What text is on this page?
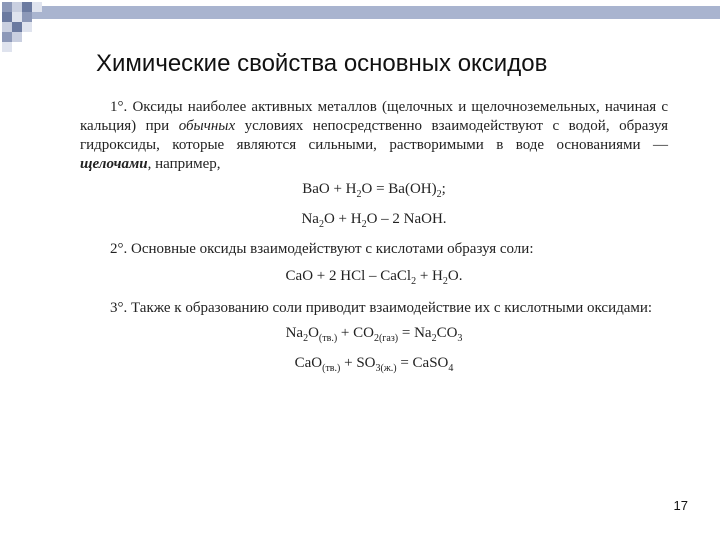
Химические свойства основных оксидов

1°. Оксиды наиболее активных металлов (щелочных и щелочноземельных, начиная с кальция) при обычных условиях непосредственно взаимодействуют с водой, образуя гидроксиды, которые являются сильными, растворимыми в воде основаниями — щелочами, например,

BaO + $H_2O = Ba(OH)_2$;
$Na_2O + H_2O - 2$ NaOH.

2°. Основные оксиды взаимодействуют с кислотами образуя соли:

CaO + 2 HCl – CaCl$_2$ + $H_2O$.

3°. Также к образованию соли приводит взаимодействие их с кислотными оксидами:

$Na_2O_{(тв.)} + CO_{2(газ)} = Na_2CO_3$
$CaO_{(тв.)} + SO_{3(ж.)}$ = CaSO$_4$
17
